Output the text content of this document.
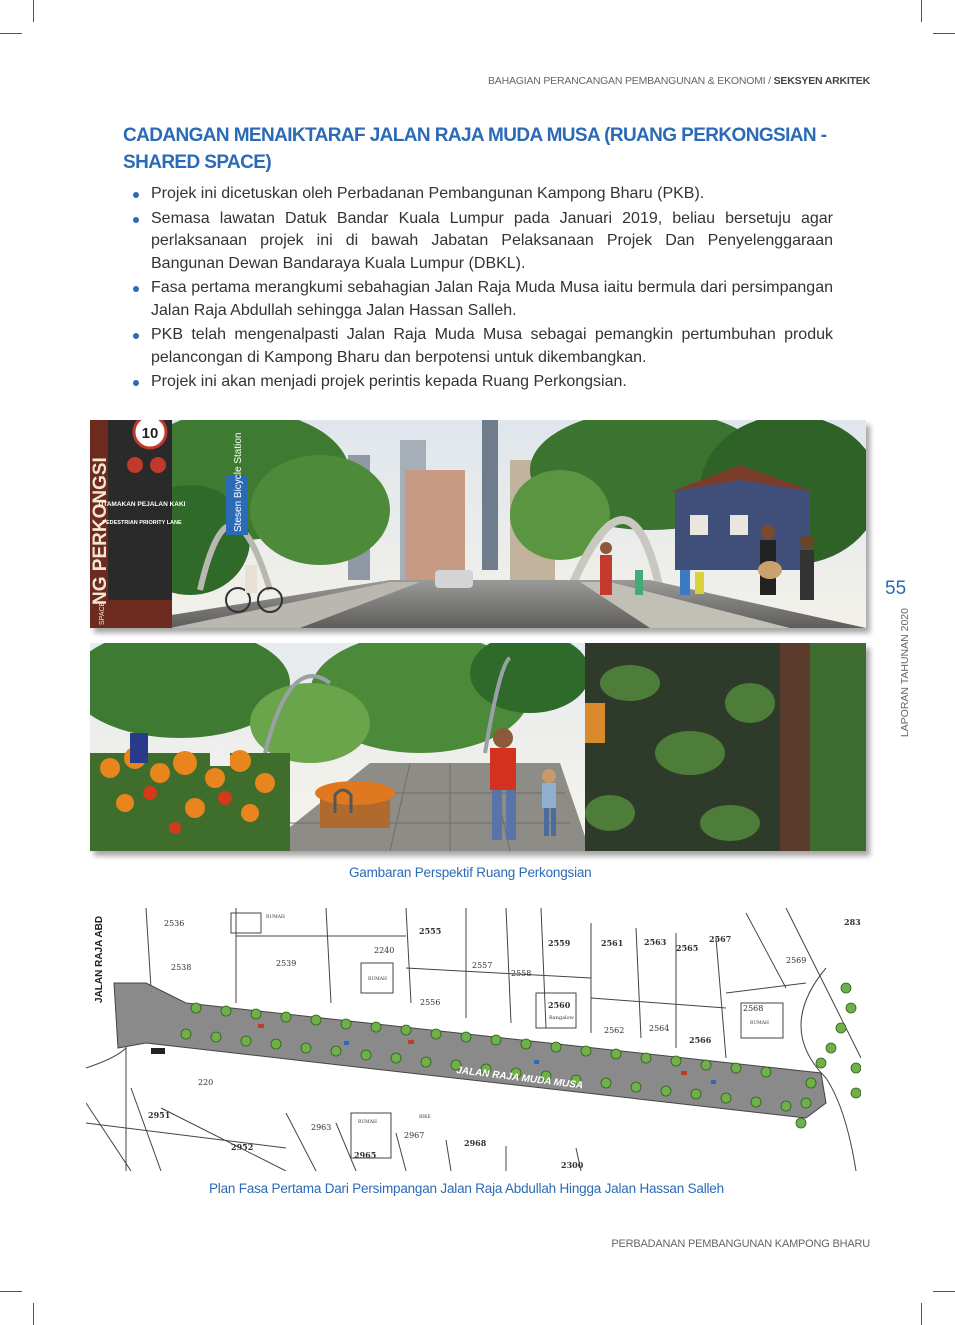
BAHAGIAN PERANCANGAN PEMBANGUNAN & EKONOMI / SEKSYEN ARKITEK
CADANGAN MENAIKTARAF JALAN RAJA MUDA MUSA (RUANG PERKONGSIAN - SHARED SPACE)
Projek ini dicetuskan oleh Perbadanan Pembangunan Kampong Bharu (PKB).
Semasa lawatan Datuk Bandar Kuala Lumpur pada Januari 2019, beliau bersetuju agar perlaksanaan projek ini di bawah Jabatan Pelaksanaan Projek Dan Penyelenggaraan Bangunan Dewan Bandaraya Kuala Lumpur (DBKL).
Fasa pertama merangkumi sebahagian Jalan Raja Muda Musa iaitu bermula dari persimpangan Jalan Raja Abdullah sehingga Jalan Hassan Salleh.
PKB telah mengenalpasti Jalan Raja Muda Musa sebagai pemangkin pertumbuhan produk pelancongan di Kampong Bharu dan berpotensi untuk dikembangkan.
Projek ini akan menjadi projek perintis kepada Ruang Perkongsian.
Stesen Bicycle Station
10
NG PERKONGSI
SPACE
UTAMAKAN PEJALAN KAKI
PEDESTRIAN PRIORITY LANE
Gambaran Perspektif Ruang Perkongsian
55
LAPORAN TAHUNAN 2020
2536
2538	2539
2240
2555
2557
2558
2559	2561	2563
2565
2567
2569
2560
2556
2562	2564
2566
2568
283
220
2951
2952
2963
2965
2967
2968
2300
RUMAH
Bangalow
RUMAH
RUMAH
RUMAH
BIKE
JALAN RAJA ABD
JALAN RAJA MUDA MUSA
Plan Fasa Pertama Dari Persimpangan Jalan Raja Abdullah Hingga Jalan Hassan Salleh
PERBADANAN PEMBANGUNAN KAMPONG BHARU
